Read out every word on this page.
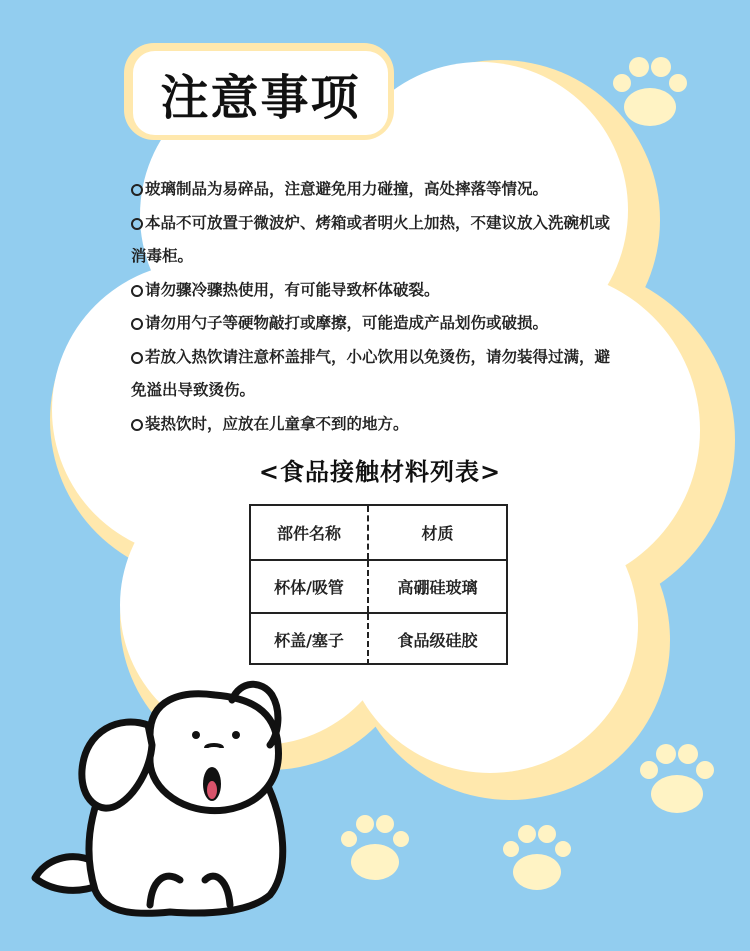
注意事项

玻璃制品为易碎品，注意避免用力碰撞，高处摔落等情况。

本品不可放置于微波炉、烤箱或者明火上加热，不建议放入洗碗机或消毒柜。

请勿骤冷骤热使用，有可能导致杯体破裂。

请勿用勺子等硬物敲打或摩擦，可能造成产品划伤或破损。

若放入热饮请注意杯盖排气，小心饮用以免烫伤，请勿装得过满，避免溢出导致烫伤。

装热饮时，应放在儿童拿不到的地方。

<食品接触材料列表>
部件名称	材质
杯体/吸管	高硼硅玻璃
杯盖/塞子	食品级硅胶
